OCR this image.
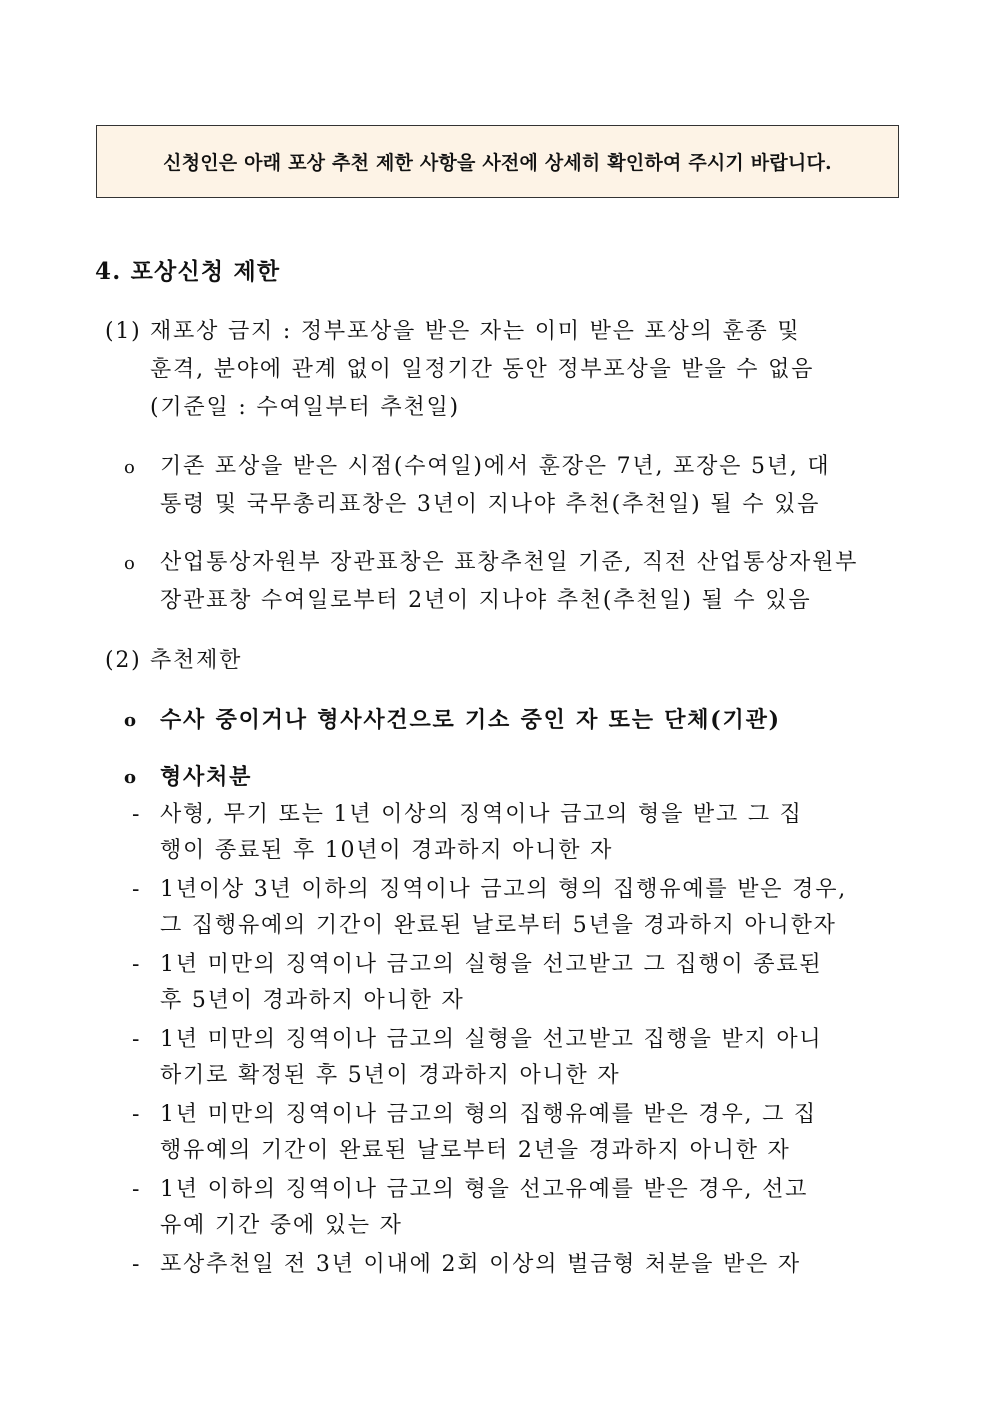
신청인은 아래 포상 추천 제한 사항을 사전에 상세히 확인하여 주시기 바랍니다.
4. 포상신청 제한
(1) 재포상 금지 : 정부포상을 받은 자는 이미 받은 포상의 훈종 및
훈격, 분야에 관계 없이 일정기간 동안 정부포상을 받을 수 없음
(기준일 : 수여일부터 추천일)
o 기존 포상을 받은 시점(수여일)에서 훈장은 7년, 포장은 5년, 대
통령 및 국무총리표창은 3년이 지나야 추천(추천일) 될 수 있음
o 산업통상자원부 장관표창은 표창추천일 기준, 직전 산업통상자원부
장관표창 수여일로부터 2년이 지나야 추천(추천일) 될 수 있음
(2) 추천제한
o 수사 중이거나 형사사건으로 기소 중인 자 또는 단체(기관)
o 형사처분
- 사형, 무기 또는 1년 이상의 징역이나 금고의 형을 받고 그 집
행이 종료된 후 10년이 경과하지 아니한 자
- 1년이상 3년 이하의 징역이나 금고의 형의 집행유예를 받은 경우,
그 집행유예의 기간이 완료된 날로부터 5년을 경과하지 아니한자
- 1년 미만의 징역이나 금고의 실형을 선고받고 그 집행이 종료된
후 5년이 경과하지 아니한 자
- 1년 미만의 징역이나 금고의 실형을 선고받고 집행을 받지 아니
하기로 확정된 후 5년이 경과하지 아니한 자
- 1년 미만의 징역이나 금고의 형의 집행유예를 받은 경우, 그 집
행유예의 기간이 완료된 날로부터 2년을 경과하지 아니한 자
- 1년 이하의 징역이나 금고의 형을 선고유예를 받은 경우, 선고
유예 기간 중에 있는 자
- 포상추천일 전 3년 이내에 2회 이상의 벌금형 처분을 받은 자
